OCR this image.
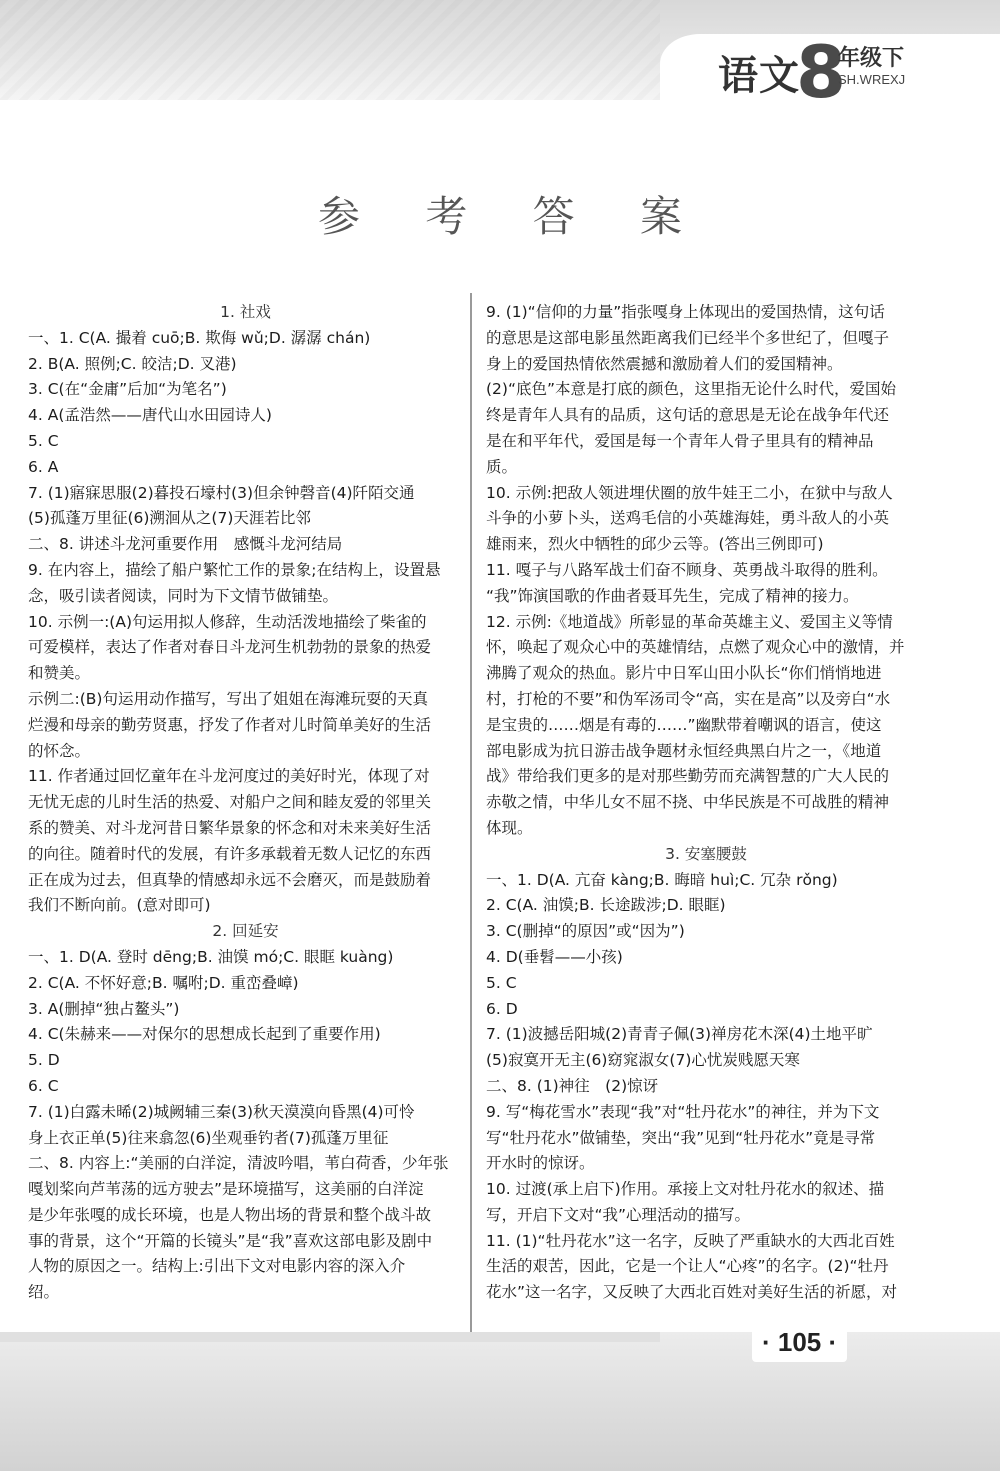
语文
8
年级下
SH.WREXJ
参 考 答 案
1. 社戏
一、1. C(A. 撮着 cuō;B. 欺侮 wǔ;D. 潺潺 chán)
2. B(A. 照例;C. 皎洁;D. 叉港)
3. C(在“金庸”后加“为笔名”)
4. A(孟浩然——唐代山水田园诗人)
5. C
6. A
7. (1)寤寐思服(2)暮投石壕村(3)但余钟磬音(4)阡陌交通
(5)孤蓬万里征(6)溯洄从之(7)天涯若比邻
二、8. 讲述斗龙河重要作用　感慨斗龙河结局
9. 在内容上，描绘了船户繁忙工作的景象;在结构上，设置悬
念，吸引读者阅读，同时为下文情节做铺垫。
10. 示例一:(A)句运用拟人修辞，生动活泼地描绘了柴雀的
可爱模样，表达了作者对春日斗龙河生机勃勃的景象的热爱
和赞美。
示例二:(B)句运用动作描写，写出了姐姐在海滩玩耍的天真
烂漫和母亲的勤劳贤惠，抒发了作者对儿时简单美好的生活
的怀念。
11. 作者通过回忆童年在斗龙河度过的美好时光，体现了对
无忧无虑的儿时生活的热爱、对船户之间和睦友爱的邻里关
系的赞美、对斗龙河昔日繁华景象的怀念和对未来美好生活
的向往。随着时代的发展，有许多承载着无数人记忆的东西
正在成为过去，但真挚的情感却永远不会磨灭，而是鼓励着
我们不断向前。(意对即可)
2. 回延安
一、1. D(A. 登时 dēng;B. 油馍 mó;C. 眼眶 kuàng)
2. C(A. 不怀好意;B. 嘱咐;D. 重峦叠嶂)
3. A(删掉“独占鳌头”)
4. C(朱赫来——对保尔的思想成长起到了重要作用)
5. D
6. C
7. (1)白露未晞(2)城阙辅三秦(3)秋天漠漠向昏黑(4)可怜
身上衣正单(5)往来翕忽(6)坐观垂钓者(7)孤蓬万里征
二、8. 内容上:“美丽的白洋淀，清波吟唱，苇白荷香，少年张
嘎划桨向芦苇荡的远方驶去”是环境描写，这美丽的白洋淀
是少年张嘎的成长环境，也是人物出场的背景和整个战斗故
事的背景，这个“开篇的长镜头”是“我”喜欢这部电影及剧中
人物的原因之一。结构上:引出下文对电影内容的深入介
绍。
9. (1)“信仰的力量”指张嘎身上体现出的爱国热情，这句话
的意思是这部电影虽然距离我们已经半个多世纪了，但嘎子
身上的爱国热情依然震撼和激励着人们的爱国精神。
(2)“底色”本意是打底的颜色，这里指无论什么时代，爱国始
终是青年人具有的品质，这句话的意思是无论在战争年代还
是在和平年代，爱国是每一个青年人骨子里具有的精神品
质。
10. 示例:把敌人领进埋伏圈的放牛娃王二小，在狱中与敌人
斗争的小萝卜头，送鸡毛信的小英雄海娃，勇斗敌人的小英
雄雨来，烈火中牺牲的邱少云等。(答出三例即可)
11. 嘎子与八路军战士们奋不顾身、英勇战斗取得的胜利。
“我”饰演国歌的作曲者聂耳先生，完成了精神的接力。
12. 示例:《地道战》所彰显的革命英雄主义、爱国主义等情
怀，唤起了观众心中的英雄情结，点燃了观众心中的激情，并
沸腾了观众的热血。影片中日军山田小队长“你们悄悄地进
村，打枪的不要”和伪军汤司令“高，实在是高”以及旁白“水
是宝贵的……烟是有毒的……”幽默带着嘲讽的语言，使这
部电影成为抗日游击战争题材永恒经典黑白片之一，《地道
战》带给我们更多的是对那些勤劳而充满智慧的广大人民的
赤敬之情，中华儿女不屈不挠、中华民族是不可战胜的精神
体现。
3. 安塞腰鼓
一、1. D(A. 亢奋 kàng;B. 晦暗 huì;C. 冗杂 rǒng)
2. C(A. 油馍;B. 长途跋涉;D. 眼眶)
3. C(删掉“的原因”或“因为”)
4. D(垂髫——小孩)
5. C
6. D
7. (1)波撼岳阳城(2)青青子佩(3)禅房花木深(4)土地平旷
(5)寂寞开无主(6)窈窕淑女(7)心忧炭贱愿天寒
二、8. (1)神往　(2)惊讶
9. 写“梅花雪水”表现“我”对“牡丹花水”的神往，并为下文
写“牡丹花水”做铺垫，突出“我”见到“牡丹花水”竟是寻常
开水时的惊讶。
10. 过渡(承上启下)作用。承接上文对牡丹花水的叙述、描
写，开启下文对“我”心理活动的描写。
11. (1)“牡丹花水”这一名字，反映了严重缺水的大西北百姓
生活的艰苦，因此，它是一个让人“心疼”的名字。(2)“牡丹
花水”这一名字，又反映了大西北百姓对美好生活的祈愿，对
· 105 ·
